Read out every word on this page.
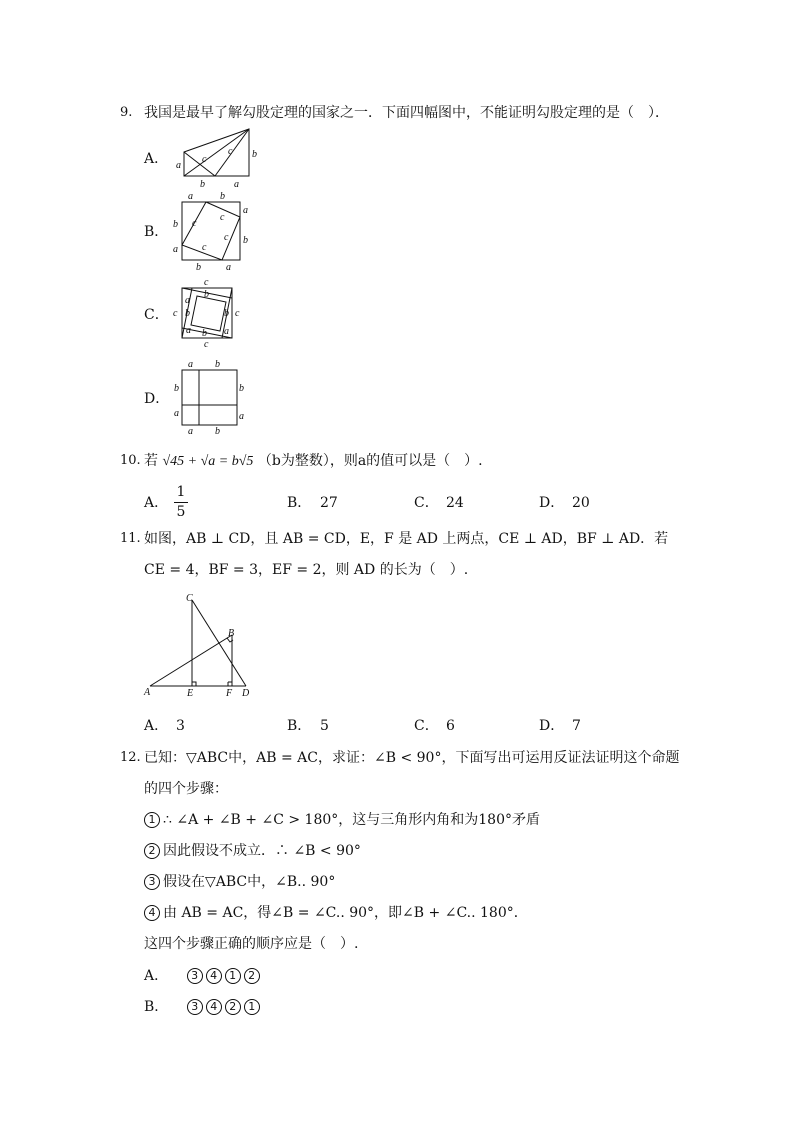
9. 我国是最早了解勾股定理的国家之一．下面四幅图中，不能证明勾股定理的是（　）．
A． a
c
c b
b	a
B．
a	b
a
b
b
a
b	a
c
c
c
c
C．
c
c	c
c
b
a
b	b
a
a b
D．
a b
b
a
b
a
a b
10. 若 √45 + √a = b√5 （b为整数），则a的值可以是（　）.
A．
1
5
B． 27	C． 24	D． 20
11. 如图，AB ⊥ CD，且 AB = CD，E，F 是 AD 上两点，CE ⊥ AD，BF ⊥ AD．若
CE = 4，BF = 3，EF = 2，则 AD 的长为（　）.
C
B
A	E	F D
A． 3	B． 5	C． 6	D． 7
12. 已知：▽ABC中，AB = AC，求证：∠B < 90°，下面写出可运用反证法证明这个命题
的四个步骤：
1 ∴ ∠A + ∠B + ∠C > 180°，这与三角形内角和为180°矛盾
2 因此假设不成立．∴ ∠B < 90°
3 假设在▽ABC中，∠B.. 90°
4 由 AB = AC，得∠B = ∠C.. 90°，即∠B + ∠C.. 180°．
这四个步骤正确的顺序应是（　）.
A． 3 4 1 2
B． 3 4 2 1
